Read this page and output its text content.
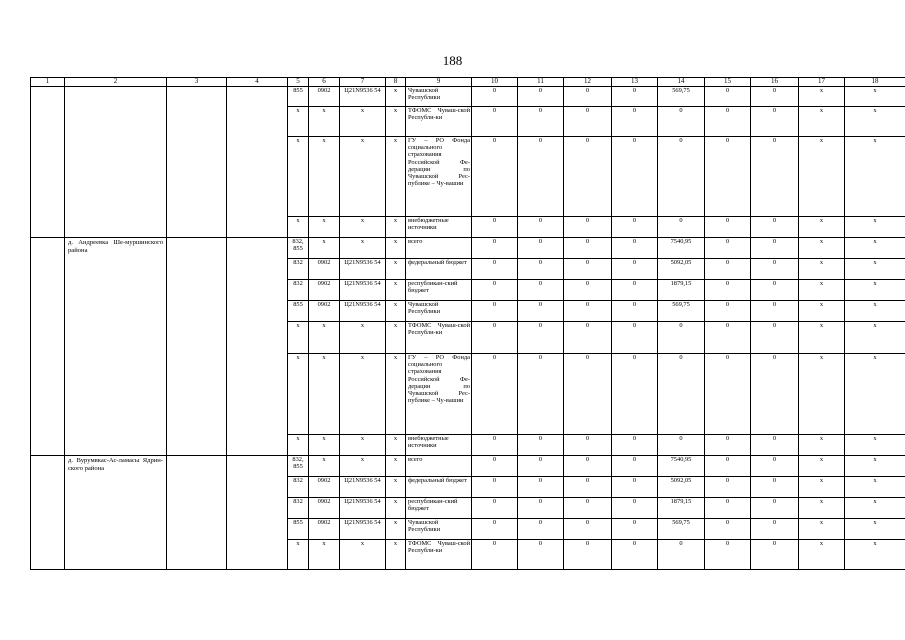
188
1	2	3	4	5	6	7	8	9	10	11	12	13	14	15	16	17	18
				855	0902	Ц21N9536 54	x	Чувашской Республики	0	0	0	0	569,75	0	0	x	x
				x	x	x	x	ТФОМС Чуваш-ской Республи-ки	0	0	0	0	0	0	0	x	x
				x	x	x	x	ГУ – РО Фонда социального страхования Российской Фе-дерации по Чувашской Рес-публике – Чу-вашии	0	0	0	0	0	0	0	x	x
				x	x	x	x	внебюджетные источники	0	0	0	0	0	0	0	x	x
	д. Андреевка Ше-муршинского района			832, 855	x	x	x	всего	0	0	0	0	7540,95	0	0	x	x
				832	0902	Ц21N9536 54	x	федеральный бюджет	0	0	0	0	5092,05	0	0	x	x
				832	0902	Ц21N9536 54	x	республикан-ский бюджет	0	0	0	0	1879,15	0	0	x	x
				855	0902	Ц21N9536 54	x	Чувашской Республики	0	0	0	0	569,75	0	0	x	x
				x	x	x	x	ТФОМС Чуваш-ской Республи-ки	0	0	0	0	0	0	0	x	x
				x	x	x	x	ГУ – РО Фонда социального страхования Российской Фе-дерации по Чувашской Рес-публике – Чу-вашии	0	0	0	0	0	0	0	x	x
				x	x	x	x	внебюджетные источники	0	0	0	0	0	0	0	x	x
	д. Вурумвкас-Ас-ламасы Ядрин-ского района			832, 855	x	x	x	всего	0	0	0	0	7540,95	0	0	x	x
				832	0902	Ц21N9536 54	x	федеральный бюджет	0	0	0	0	5092,05	0	0	x	x
				832	0902	Ц21N9536 54	x	республикан-ский бюджет	0	0	0	0	1879,15	0	0	x	x
				855	0902	Ц21N9536 54	x	Чувашской Республики	0	0	0	0	569,75	0	0	x	x
				x	x	x	x	ТФОМС Чуваш-ской Республи-ки	0	0	0	0	0	0	0	x	x
